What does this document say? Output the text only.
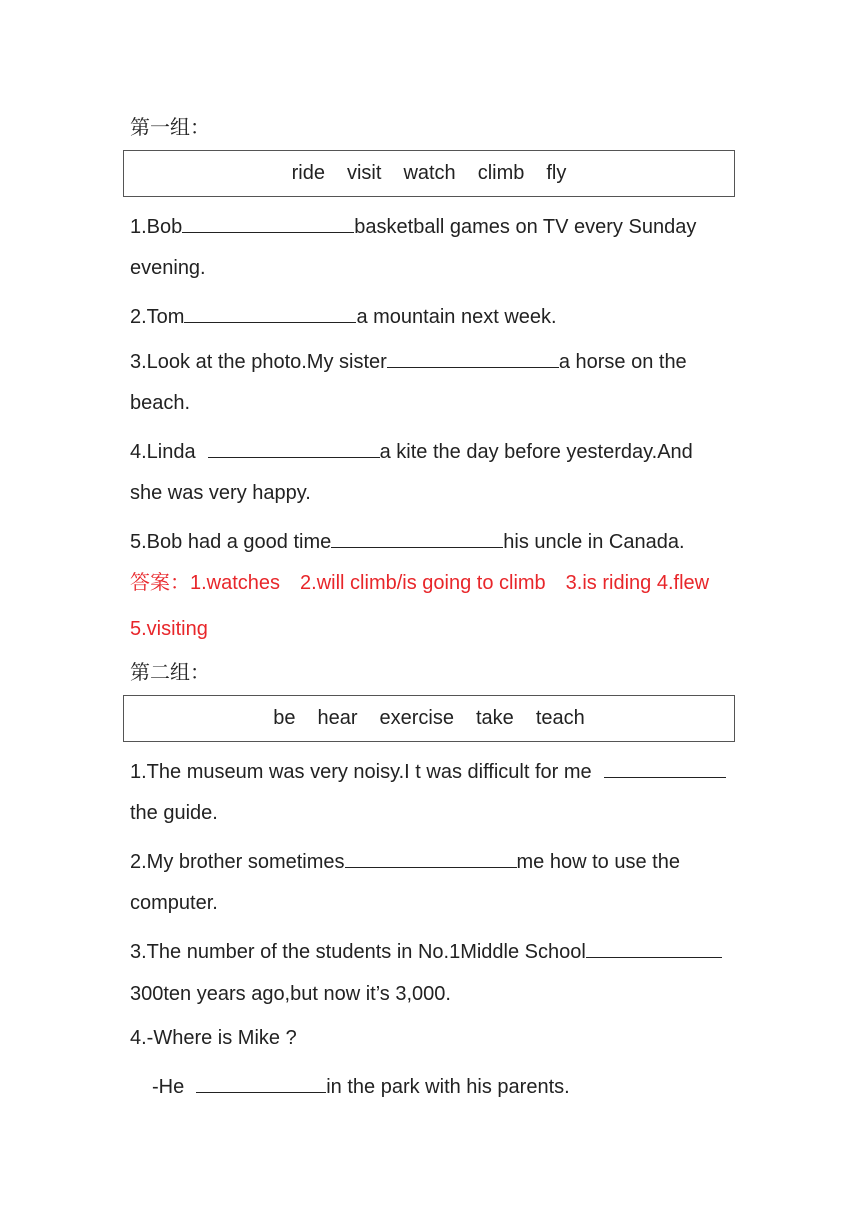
第一组：
ride visit watch climb fly
1.Bob	basketball games on TV every Sunday
evening.
2.Tom	a mountain next week.
3.Look at the photo.My sister	a horse on the
beach.
4.Linda	a kite the day before yesterday.And
she was very happy.
5.Bob had a good time	his uncle in Canada.
答案：1.watches　2.will climb/is going to climb　3.is riding 4.flew
5.visiting
第二组：
be hear exercise take teach
1.The museum was very noisy.I t was difficult for me
the guide.
2.My brother sometimes	me how to use the
computer.
3.The number of the students in No.1Middle School
300ten years ago,but now it’s 3,000.
4.-Where is Mike ?
-He	in the park with his parents.
